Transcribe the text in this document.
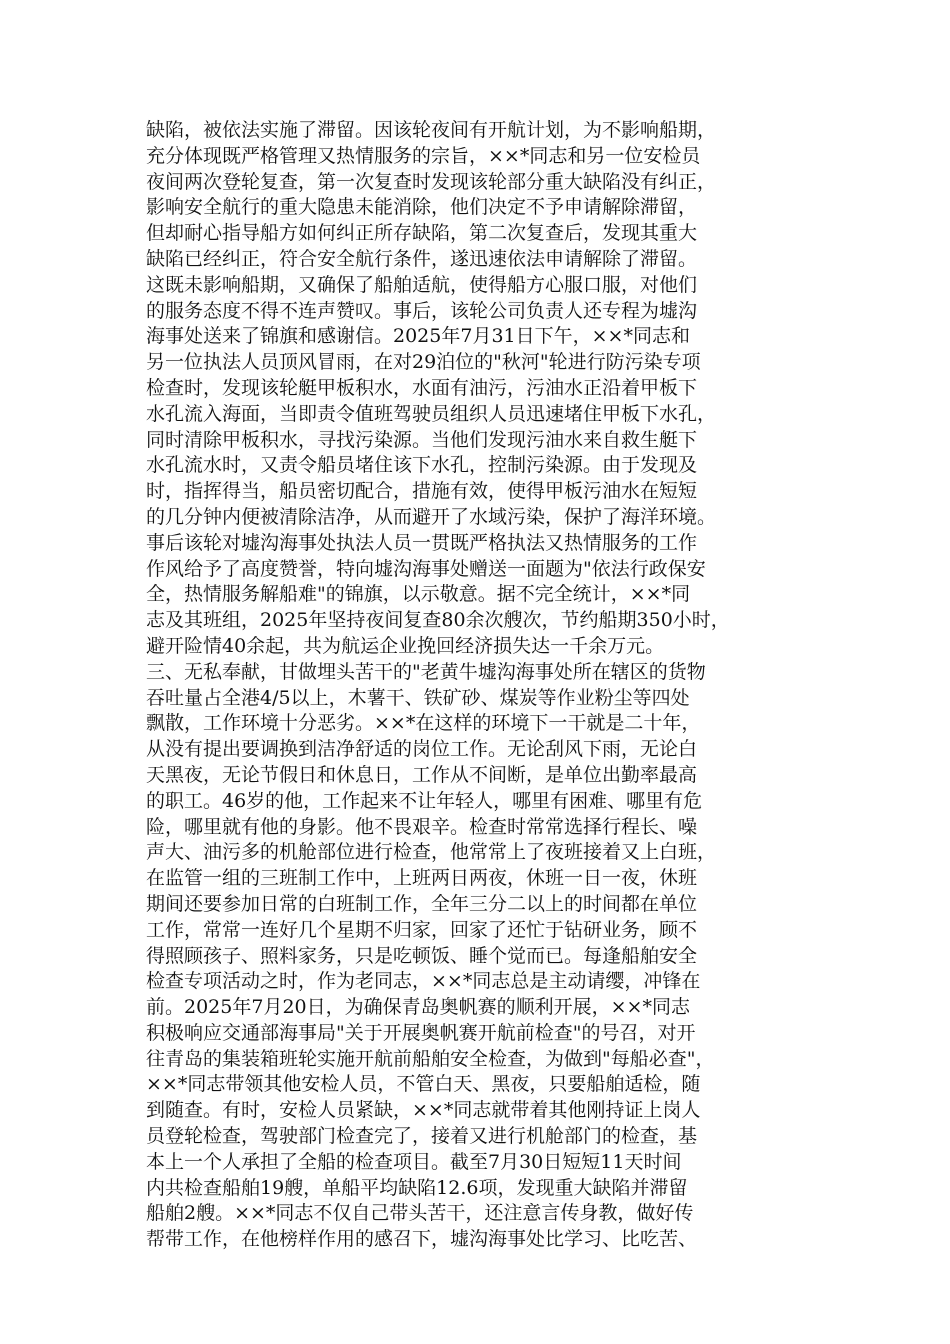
缺陷，被依法实施了滞留。因该轮夜间有开航计划，为不影响船期，
充分体现既严格管理又热情服务的宗旨，××*同志和另一位安检员
夜间两次登轮复查，第一次复查时发现该轮部分重大缺陷没有纠正，
影响安全航行的重大隐患未能消除，他们决定不予申请解除滞留，
但却耐心指导船方如何纠正所存缺陷，第二次复查后，发现其重大
缺陷已经纠正，符合安全航行条件，遂迅速依法申请解除了滞留。
这既未影响船期，又确保了船舶适航，使得船方心服口服，对他们
的服务态度不得不连声赞叹。事后，该轮公司负责人还专程为墟沟
海事处送来了锦旗和感谢信。2025年7月31日下午，××*同志和
另一位执法人员顶风冒雨，在对29泊位的"秋河"轮进行防污染专项
检查时，发现该轮艇甲板积水，水面有油污，污油水正沿着甲板下
水孔流入海面，当即责令值班驾驶员组织人员迅速堵住甲板下水孔，
同时清除甲板积水，寻找污染源。当他们发现污油水来自救生艇下
水孔流水时，又责令船员堵住该下水孔，控制污染源。由于发现及
时，指挥得当，船员密切配合，措施有效，使得甲板污油水在短短
的几分钟内便被清除洁净，从而避开了水域污染，保护了海洋环境。
事后该轮对墟沟海事处执法人员一贯既严格执法又热情服务的工作
作风给予了高度赞誉，特向墟沟海事处赠送一面题为"依法行政保安
全，热情服务解船难"的锦旗，以示敬意。据不完全统计，××*同
志及其班组，2025年坚持夜间复查80余次艘次，节约船期350小时，
避开险情40余起，共为航运企业挽回经济损失达一千余万元。
三、无私奉献，甘做埋头苦干的"老黄牛墟沟海事处所在辖区的货物
吞吐量占全港4/5以上，木薯干、铁矿砂、煤炭等作业粉尘等四处
飘散，工作环境十分恶劣。××*在这样的环境下一干就是二十年，
从没有提出要调换到洁净舒适的岗位工作。无论刮风下雨，无论白
天黑夜，无论节假日和休息日，工作从不间断，是单位出勤率最高
的职工。46岁的他，工作起来不让年轻人，哪里有困难、哪里有危
险，哪里就有他的身影。他不畏艰辛。检查时常常选择行程长、噪
声大、油污多的机舱部位进行检查，他常常上了夜班接着又上白班，
在监管一组的三班制工作中，上班两日两夜，休班一日一夜，休班
期间还要参加日常的白班制工作，全年三分二以上的时间都在单位
工作，常常一连好几个星期不归家，回家了还忙于钻研业务，顾不
得照顾孩子、照料家务，只是吃顿饭、睡个觉而已。每逢船舶安全
检查专项活动之时，作为老同志，××*同志总是主动请缨，冲锋在
前。2025年7月20日，为确保青岛奥帆赛的顺利开展，××*同志
积极响应交通部海事局"关于开展奥帆赛开航前检查"的号召，对开
往青岛的集装箱班轮实施开航前船舶安全检查，为做到"每船必查"，
××*同志带领其他安检人员，不管白天、黑夜，只要船舶适检，随
到随查。有时，安检人员紧缺，××*同志就带着其他刚持证上岗人
员登轮检查，驾驶部门检查完了，接着又进行机舱部门的检查，基
本上一个人承担了全船的检查项目。截至7月30日短短11天时间
内共检查船舶19艘，单船平均缺陷12.6项，发现重大缺陷并滞留
船舶2艘。××*同志不仅自己带头苦干，还注意言传身教，做好传
帮带工作，在他榜样作用的感召下，墟沟海事处比学习、比吃苦、
